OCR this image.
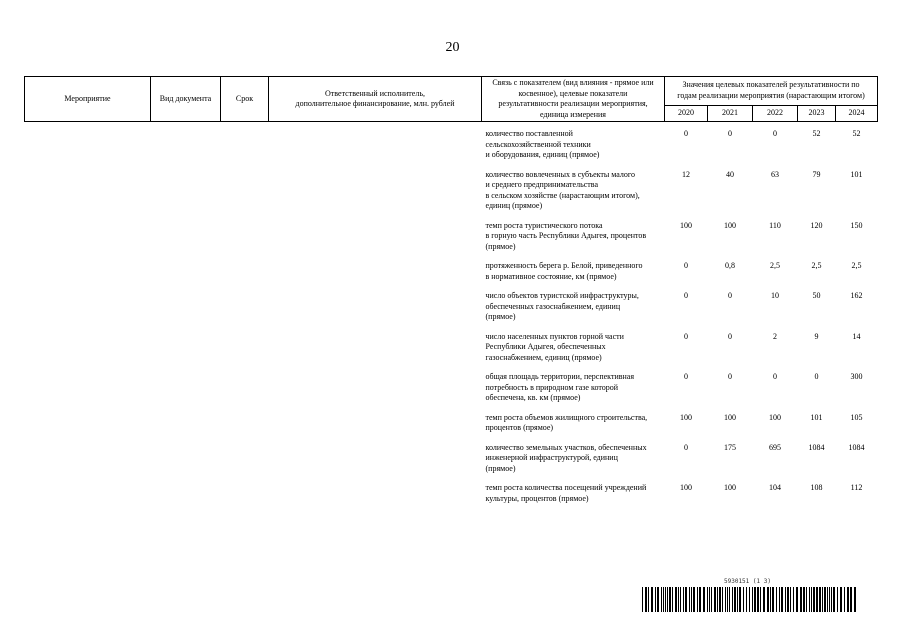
20
Мероприятие	Вид документа	Срок	Ответственный исполнитель,
дополнительное финансирование, млн. рублей	Связь с показателем (вид влияния - прямое или
косвенное), целевые показатели
результативности реализации мероприятия,
единица измерения	Значения целевых показателей результативности по
годам реализации мероприятия (нарастающим итогом)				
					2020	2021	2022	2023	2024

				количество поставленной
сельскохозяйственной техники
и оборудования, единиц (прямое)	0	0	0	52	52

				количество вовлеченных в субъекты малого
и среднего предпринимательства
в сельском хозяйстве (нарастающим итогом),
единиц (прямое)	12	40	63	79	101

				темп роста туристического потока
в горную часть Республики Адыгея, процентов
(прямое)	100	100	110	120	150

				протяженность берега р. Белой, приведенного
в нормативное состояние, км (прямое)	0	0,8	2,5	2,5	2,5

				число объектов туристской инфраструктуры,
обеспеченных газоснабжением, единиц
(прямое)	0	0	10	50	162

				число населенных пунктов горной части
Республики Адыгея, обеспеченных
газоснабжением, единиц (прямое)	0	0	2	9	14

				общая площадь территории, перспективная
потребность в природном газе которой
обеспечена, кв. км (прямое)	0	0	0	0	300

				темп роста объемов жилищного строительства,
процентов (прямое)	100	100	100	101	105

				количество земельных участков, обеспеченных
инженерной инфраструктурой, единиц
(прямое)	0	175	695	1084	1084

				темп роста количества посещений учреждений
культуры, процентов (прямое)	100	100	104	108	112
5930151 (1 3)
